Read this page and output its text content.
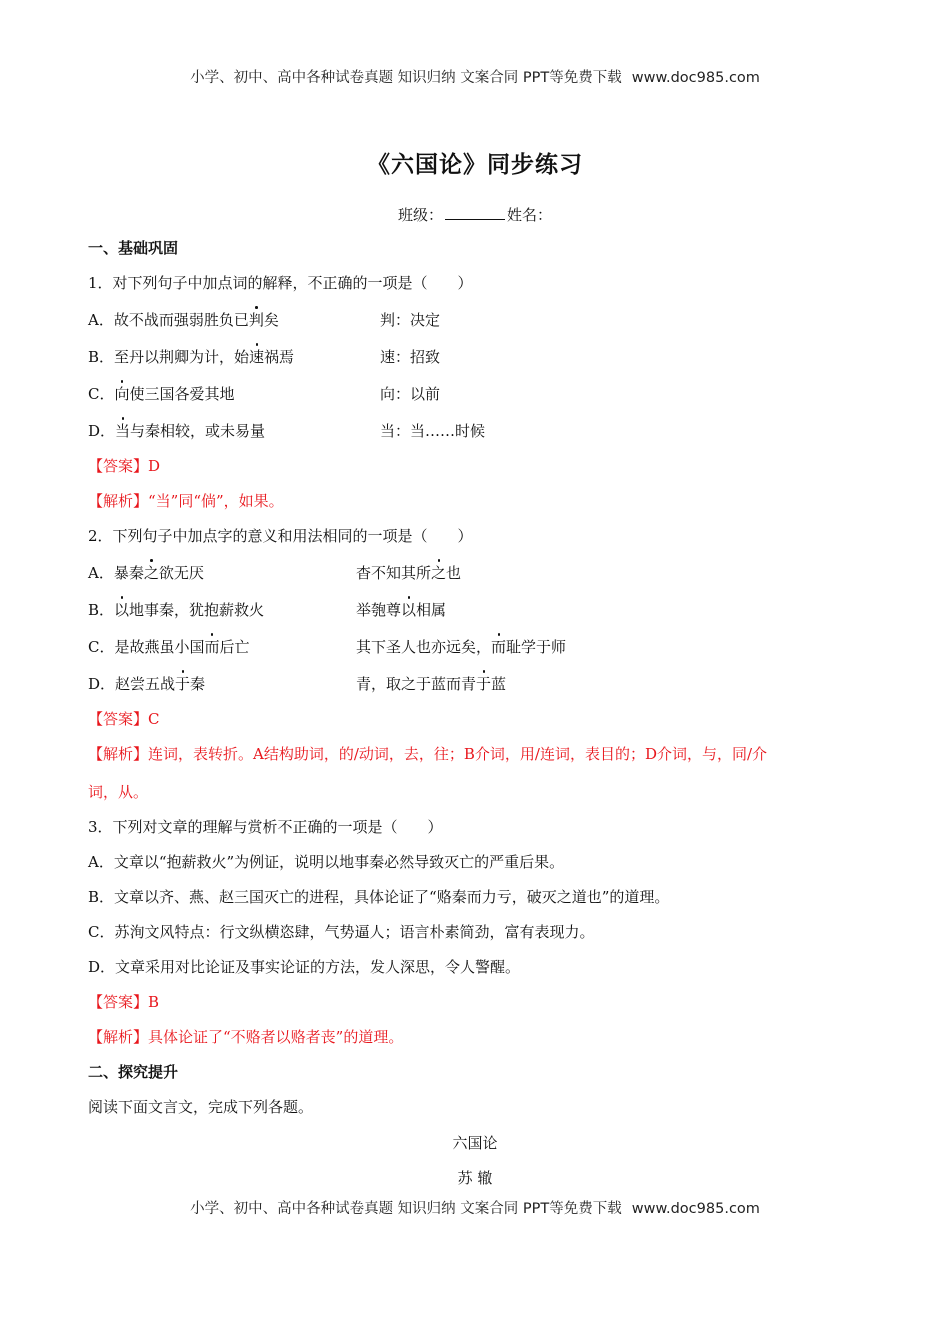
小学、初中、高中各种试卷真题 知识归纳 文案合同 PPT等免费下载 www.doc985.com
《六国论》同步练习
班级：	姓名：
一、基础巩固
1．对下列句子中加点词的解释，不正确的一项是（　　）
A．故不战而强弱胜负已判矣	判：决定
B．至丹以荆卿为计，始速祸焉	速：招致
C．向使三国各爱其地	向：以前
D．当与秦相较，或未易量	当：当……时候
【答案】D
【解析】“当”同“倘”，如果。
2．下列句子中加点字的意义和用法相同的一项是（　　）
A．暴秦之欲无厌	杳不知其所之也
B．以地事秦，犹抱薪救火	举匏尊以相属
C．是故燕虽小国而后亡	其下圣人也亦远矣，而耻学于师
D．赵尝五战于秦	青，取之于蓝而青于蓝
【答案】C
【解析】连词，表转折。A结构助词，的/动词，去，往；B介词，用/连词，表目的；D介词，与，同/介
词，从。
3．下列对文章的理解与赏析不正确的一项是（　　）
A．文章以“抱薪救火”为例证，说明以地事秦必然导致灭亡的严重后果。
B．文章以齐、燕、赵三国灭亡的进程，具体论证了“赂秦而力亏，破灭之道也”的道理。
C．苏洵文风特点：行文纵横恣肆，气势逼人；语言朴素简劲，富有表现力。
D．文章采用对比论证及事实论证的方法，发人深思，令人警醒。
【答案】B
【解析】具体论证了“不赂者以赂者丧”的道理。
二、探究提升
阅读下面文言文，完成下列各题。
六国论
苏 辙
小学、初中、高中各种试卷真题 知识归纳 文案合同 PPT等免费下载 www.doc985.com
